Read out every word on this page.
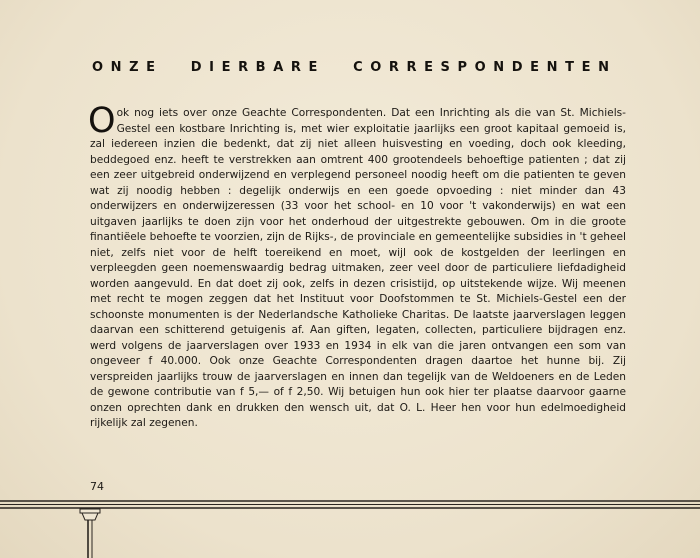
ONZE DIERBARE CORRESPONDENTEN

Ook nog iets over onze Geachte Correspondenten. Dat een Inrichting als die van St. Michiels-Gestel een kostbare Inrichting is, met wier exploitatie jaarlijks een groot kapitaal gemoeid is, zal iedereen inzien die bedenkt, dat zij niet alleen huisvesting en voeding, doch ook kleeding, beddegoed enz. heeft te verstrekken aan omtrent 400 grootendeels behoeftige patienten ; dat zij een zeer uitgebreid onderwijzend en verplegend personeel noodig heeft om die patienten te geven wat zij noodig hebben : degelijk onderwijs en een goede opvoeding : niet minder dan 43 onderwijzers en onderwijzeressen (33 voor het school- en 10 voor 't vakonderwijs) en wat een uitgaven jaarlijks te doen zijn voor het onderhoud der uitgestrekte gebouwen. Om in die groote finantiëele behoefte te voorzien, zijn de Rijks-, de provinciale en gemeentelijke subsidies in 't geheel niet, zelfs niet voor de helft toereikend en moet, wijl ook de kostgelden der leerlingen en verpleegden geen noemenswaardig bedrag uitmaken, zeer veel door de particuliere liefdadigheid worden aangevuld. En dat doet zij ook, zelfs in dezen crisistijd, op uitstekende wijze. Wij meenen met recht te mogen zeggen dat het Instituut voor Doofstommen te St. Michiels-Gestel een der schoonste monumenten is der Nederlandsche Katholieke Charitas. De laatste jaarverslagen leggen daarvan een schitterend getuigenis af. Aan giften, legaten, collecten, particuliere bijdragen enz. werd volgens de jaarverslagen over 1933 en 1934 in elk van die jaren ontvangen een som van ongeveer f 40.000. Ook onze Geachte Correspondenten dragen daartoe het hunne bij. Zij verspreiden jaarlijks trouw de jaarverslagen en innen dan tegelijk van de Weldoeners en de Leden de gewone contributie van f 5,— of f 2,50. Wij betuigen hun ook hier ter plaatse daarvoor gaarne onzen oprechten dank en drukken den wensch uit, dat O. L. Heer hen voor hun edelmoedigheid rijkelijk zal zegenen.

74
